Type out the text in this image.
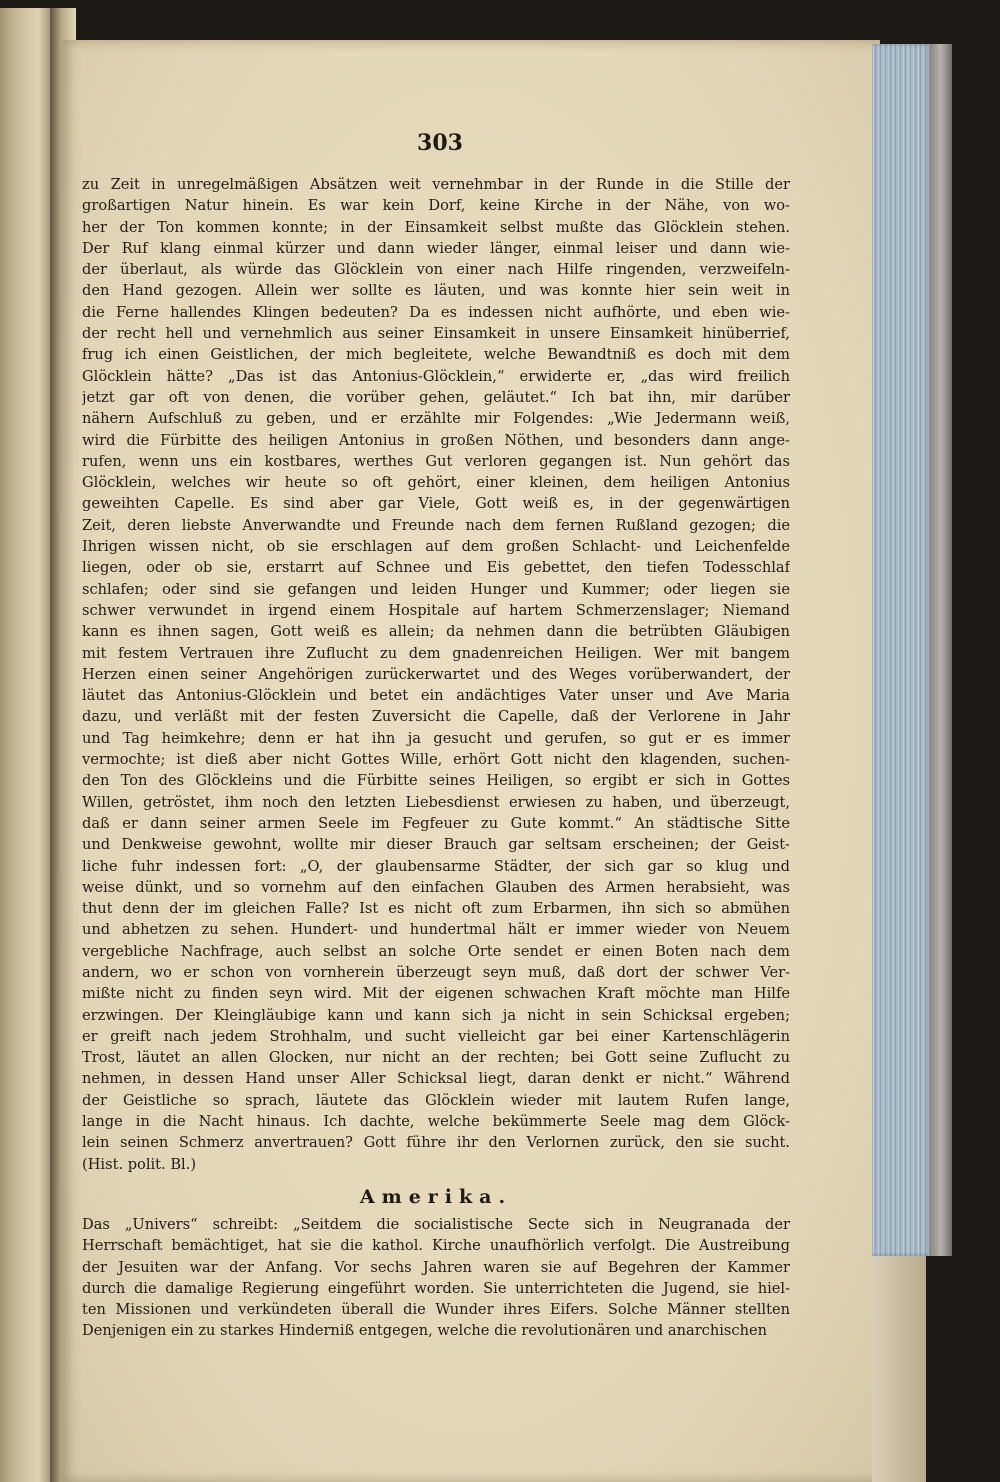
303
zu Zeit in unregelmäßigen Absätzen weit vernehmbar in der Runde in die Stille der
großartigen Natur hinein. Es war kein Dorf, keine Kirche in der Nähe, von wo-
her der Ton kommen konnte; in der Einsamkeit selbst mußte das Glöcklein stehen.
Der Ruf klang einmal kürzer und dann wieder länger, einmal leiser und dann wie-
der überlaut, als würde das Glöcklein von einer nach Hilfe ringenden, verzweifeln-
den Hand gezogen. Allein wer sollte es läuten, und was konnte hier sein weit in
die Ferne hallendes Klingen bedeuten? Da es indessen nicht aufhörte, und eben wie-
der recht hell und vernehmlich aus seiner Einsamkeit in unsere Einsamkeit hinüberrief,
frug ich einen Geistlichen, der mich begleitete, welche Bewandtniß es doch mit dem
Glöcklein hätte? „Das ist das Antonius-Glöcklein,“ erwiderte er, „das wird freilich
jetzt gar oft von denen, die vorüber gehen, geläutet.“ Ich bat ihn, mir darüber
nähern Aufschluß zu geben, und er erzählte mir Folgendes: „Wie Jedermann weiß,
wird die Fürbitte des heiligen Antonius in großen Nöthen, und besonders dann ange-
rufen, wenn uns ein kostbares, werthes Gut verloren gegangen ist. Nun gehört das
Glöcklein, welches wir heute so oft gehört, einer kleinen, dem heiligen Antonius
geweihten Capelle. Es sind aber gar Viele, Gott weiß es, in der gegenwärtigen
Zeit, deren liebste Anverwandte und Freunde nach dem fernen Rußland gezogen; die
Ihrigen wissen nicht, ob sie erschlagen auf dem großen Schlacht- und Leichenfelde
liegen, oder ob sie, erstarrt auf Schnee und Eis gebettet, den tiefen Todesschlaf
schlafen; oder sind sie gefangen und leiden Hunger und Kummer; oder liegen sie
schwer verwundet in irgend einem Hospitale auf hartem Schmerzenslager; Niemand
kann es ihnen sagen, Gott weiß es allein; da nehmen dann die betrübten Gläubigen
mit festem Vertrauen ihre Zuflucht zu dem gnadenreichen Heiligen. Wer mit bangem
Herzen einen seiner Angehörigen zurückerwartet und des Weges vorüberwandert, der
läutet das Antonius-Glöcklein und betet ein andächtiges Vater unser und Ave Maria
dazu, und verläßt mit der festen Zuversicht die Capelle, daß der Verlorene in Jahr
und Tag heimkehre; denn er hat ihn ja gesucht und gerufen, so gut er es immer
vermochte; ist dieß aber nicht Gottes Wille, erhört Gott nicht den klagenden, suchen-
den Ton des Glöckleins und die Fürbitte seines Heiligen, so ergibt er sich in Gottes
Willen, getröstet, ihm noch den letzten Liebesdienst erwiesen zu haben, und überzeugt,
daß er dann seiner armen Seele im Fegfeuer zu Gute kommt.“ An städtische Sitte
und Denkweise gewohnt, wollte mir dieser Brauch gar seltsam erscheinen; der Geist-
liche fuhr indessen fort: „O, der glaubensarme Städter, der sich gar so klug und
weise dünkt, und so vornehm auf den einfachen Glauben des Armen herabsieht, was
thut denn der im gleichen Falle? Ist es nicht oft zum Erbarmen, ihn sich so abmühen
und abhetzen zu sehen. Hundert- und hundertmal hält er immer wieder von Neuem
vergebliche Nachfrage, auch selbst an solche Orte sendet er einen Boten nach dem
andern, wo er schon von vornherein überzeugt seyn muß, daß dort der schwer Ver-
mißte nicht zu finden seyn wird. Mit der eigenen schwachen Kraft möchte man Hilfe
erzwingen. Der Kleingläubige kann und kann sich ja nicht in sein Schicksal ergeben;
er greift nach jedem Strohhalm, und sucht vielleicht gar bei einer Kartenschlägerin
Trost, läutet an allen Glocken, nur nicht an der rechten; bei Gott seine Zuflucht zu
nehmen, in dessen Hand unser Aller Schicksal liegt, daran denkt er nicht.“ Während
der Geistliche so sprach, läutete das Glöcklein wieder mit lautem Rufen lange,
lange in die Nacht hinaus. Ich dachte, welche bekümmerte Seele mag dem Glöck-
lein seinen Schmerz anvertrauen? Gott führe ihr den Verlornen zurück, den sie sucht.
(Hist. polit. Bl.)
Amerika.
Das „Univers“ schreibt: „Seitdem die socialistische Secte sich in Neugranada der
Herrschaft bemächtiget, hat sie die kathol. Kirche unaufhörlich verfolgt. Die Austreibung
der Jesuiten war der Anfang. Vor sechs Jahren waren sie auf Begehren der Kammer
durch die damalige Regierung eingeführt worden. Sie unterrichteten die Jugend, sie hiel-
ten Missionen und verkündeten überall die Wunder ihres Eifers. Solche Männer stellten
Denjenigen ein zu starkes Hinderniß entgegen, welche die revolutionären und anarchischen
